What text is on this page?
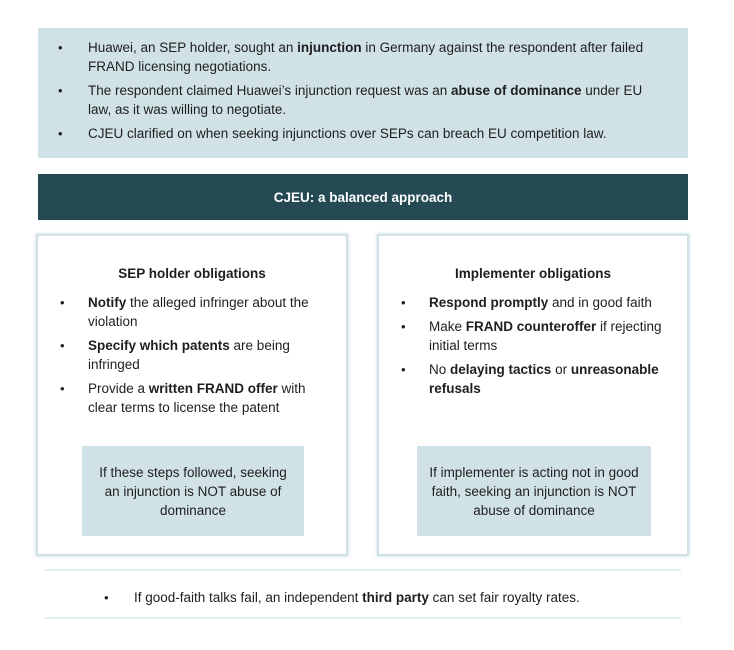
• Huawei, an SEP holder, sought an injunction in Germany against the respondent after failed FRAND licensing negotiations.
• The respondent claimed Huawei’s injunction request was an abuse of dominance under EU law, as it was willing to negotiate.
• CJEU clarified on when seeking injunctions over SEPs can breach EU competition law.
CJEU: a balanced approach
SEP holder obligations
• Notify the alleged infringer about the violation
• Specify which patents are being infringed
• Provide a written FRAND offer with clear terms to license the patent
If these steps followed, seeking an injunction is NOT abuse of dominance
Implementer obligations
• Respond promptly and in good faith
• Make FRAND counteroffer if rejecting initial terms
• No delaying tactics or unreasonable refusals
If implementer is acting not in good faith, seeking an injunction is NOT abuse of dominance
• If good-faith talks fail, an independent third party can set fair royalty rates.
